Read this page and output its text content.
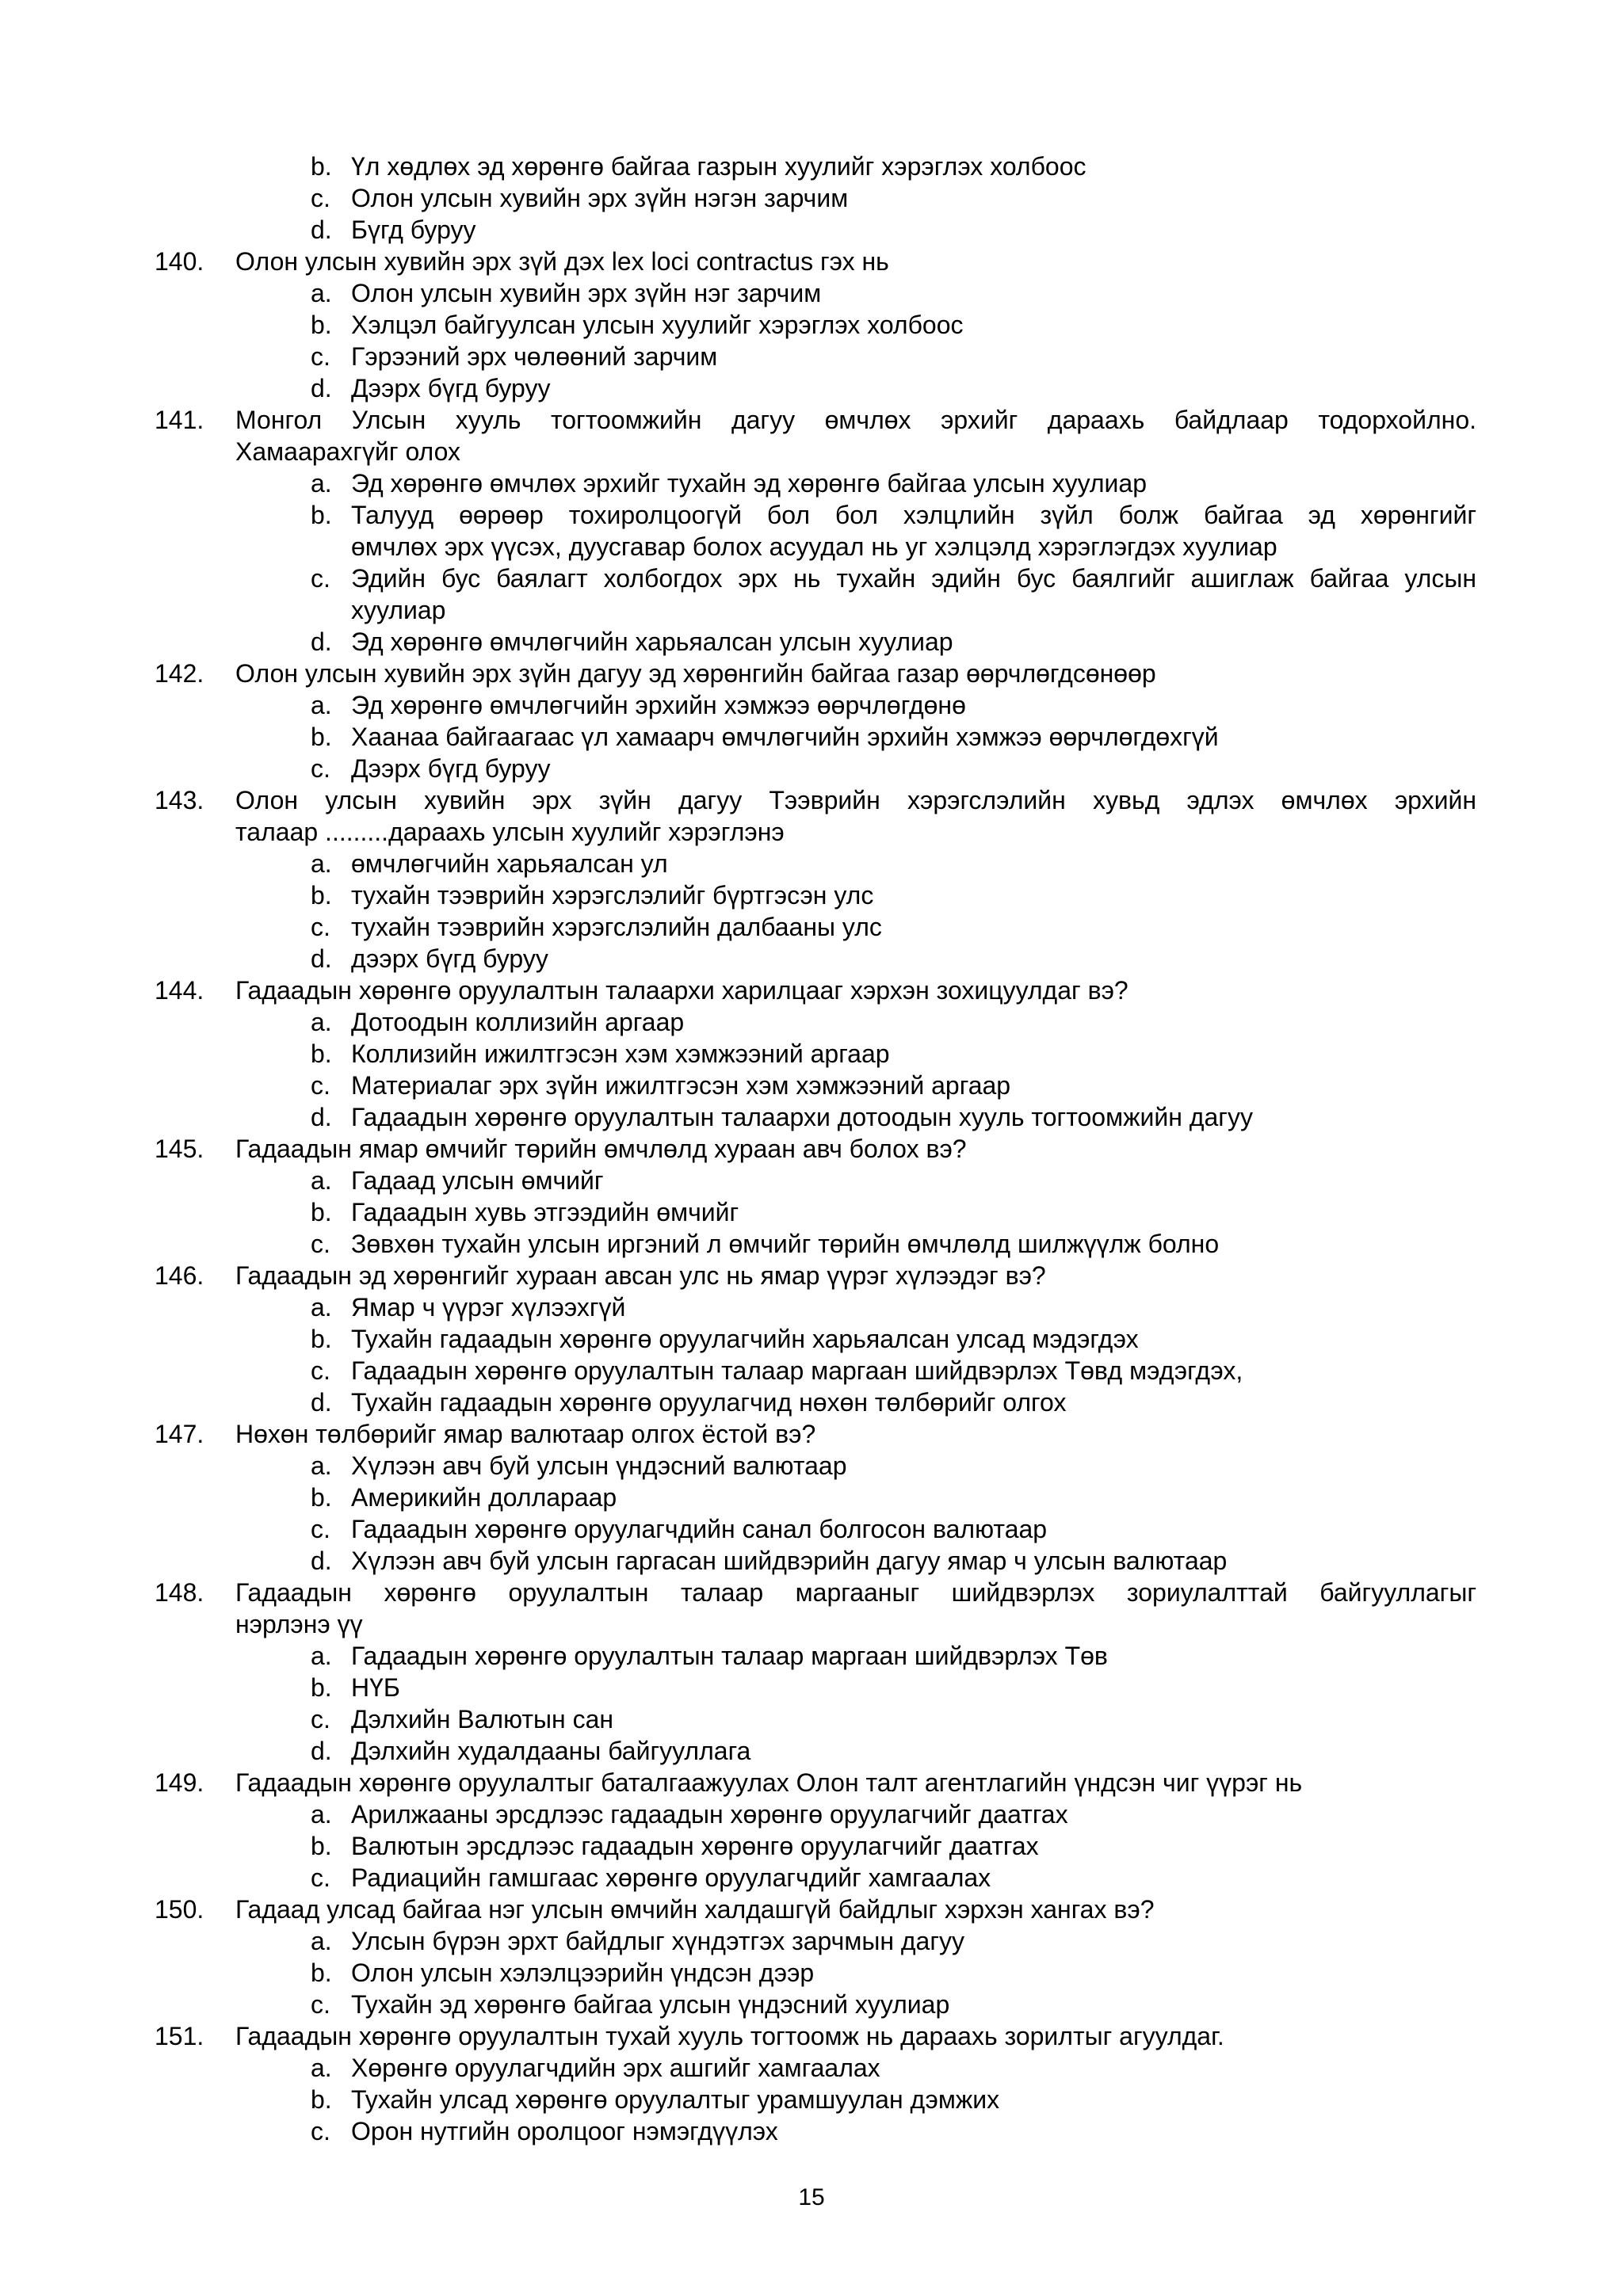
b. Үл хөдлөх эд хөрөнгө байгаа газрын хуулийг хэрэглэх холбоос
c. Олон улсын хувийн эрх зүйн нэгэн зарчим
d. Бүгд буруу
140. Олон улсын хувийн эрх зүй дэх lex loci contractus гэх нь
a. Олон улсын хувийн эрх зүйн нэг зарчим
b. Хэлцэл байгуулсан улсын хуулийг хэрэглэх холбоос
c. Гэрээний эрх чөлөөний зарчим
d. Дээрх бүгд буруу
141. Монгол Улсын хууль тогтоомжийн дагуу өмчлөх эрхийг дараахь байдлаар тодорхойлно.
Хамаарахгүйг олох
a. Эд хөрөнгө өмчлөх эрхийг тухайн эд хөрөнгө байгаа улсын хуулиар
b. Талууд өөрөөр тохиролцоогүй бол бол хэлцлийн зүйл болж байгаа эд хөрөнгийг
өмчлөх эрх үүсэх, дуусгавар болох асуудал нь уг хэлцэлд хэрэглэгдэх хуулиар
c. Эдийн бус баялагт холбогдох эрх нь тухайн эдийн бус баялгийг ашиглаж байгаа улсын
хуулиар
d. Эд хөрөнгө өмчлөгчийн харьяалсан улсын хуулиар
142. Олон улсын хувийн эрх зүйн дагуу эд хөрөнгийн байгаа газар өөрчлөгдсөнөөр
a. Эд хөрөнгө өмчлөгчийн эрхийн хэмжээ өөрчлөгдөнө
b. Хаанаа байгаагаас үл хамаарч өмчлөгчийн эрхийн хэмжээ өөрчлөгдөхгүй
c. Дээрх бүгд буруу
143. Олон улсын хувийн эрх зүйн дагуу Тээврийн хэрэгслэлийн хувьд эдлэх өмчлөх эрхийн
талаар .........дараахь улсын хуулийг хэрэглэнэ
a. өмчлөгчийн харьяалсан ул
b. тухайн тээврийн хэрэгслэлийг бүртгэсэн улс
c. тухайн тээврийн хэрэгслэлийн далбааны улс
d. дээрх бүгд буруу
144. Гадаадын хөрөнгө оруулалтын талаархи харилцааг хэрхэн зохицуулдаг вэ?
a. Дотоодын коллизийн аргаар
b. Коллизийн ижилтгэсэн хэм хэмжээний аргаар
c. Материалаг эрх зүйн ижилтгэсэн хэм хэмжээний аргаар
d. Гадаадын хөрөнгө оруулалтын талаархи дотоодын хууль тогтоомжийн дагуу
145. Гадаадын ямар өмчийг төрийн өмчлөлд хураан авч болох вэ?
a. Гадаад улсын өмчийг
b. Гадаадын хувь этгээдийн өмчийг
c. Зөвхөн тухайн улсын иргэний л өмчийг төрийн өмчлөлд шилжүүлж болно
146. Гадаадын эд хөрөнгийг хураан авсан улс нь ямар үүрэг хүлээдэг вэ?
a. Ямар ч үүрэг хүлээхгүй
b. Тухайн гадаадын хөрөнгө оруулагчийн харьяалсан улсад мэдэгдэх
c. Гадаадын хөрөнгө оруулалтын талаар маргаан шийдвэрлэх Төвд мэдэгдэх,
d. Тухайн гадаадын хөрөнгө оруулагчид нөхөн төлбөрийг олгох
147. Нөхөн төлбөрийг ямар валютаар олгох ёстой вэ?
a. Хүлээн авч буй улсын үндэсний валютаар
b. Америкийн доллараар
c. Гадаадын хөрөнгө оруулагчдийн санал болгосон валютаар
d. Хүлээн авч буй улсын гаргасан шийдвэрийн дагуу ямар ч улсын валютаар
148. Гадаадын хөрөнгө оруулалтын талаар маргааныг шийдвэрлэх зориулалттай байгууллагыг
нэрлэнэ үү
a. Гадаадын хөрөнгө оруулалтын талаар маргаан шийдвэрлэх Төв
b. НҮБ
c. Дэлхийн Валютын сан
d. Дэлхийн худалдааны байгууллага
149. Гадаадын хөрөнгө оруулалтыг баталгаажуулах Олон талт агентлагийн үндсэн чиг үүрэг нь
a. Арилжааны эрсдлээс гадаадын хөрөнгө оруулагчийг даатгах
b. Валютын эрсдлээс гадаадын хөрөнгө оруулагчийг даатгах
c. Радиацийн гамшгаас хөрөнгө оруулагчдийг хамгаалах
150. Гадаад улсад байгаа нэг улсын өмчийн халдашгүй байдлыг хэрхэн хангах вэ?
a. Улсын бүрэн эрхт байдлыг хүндэтгэх зарчмын дагуу
b. Олон улсын хэлэлцээрийн үндсэн дээр
c. Тухайн эд хөрөнгө байгаа улсын үндэсний хуулиар
151. Гадаадын хөрөнгө оруулалтын тухай хууль тогтоомж нь дараахь зорилтыг агуулдаг.
a. Хөрөнгө оруулагчдийн эрх ашгийг хамгаалах
b. Тухайн улсад хөрөнгө оруулалтыг урамшуулан дэмжих
c. Орон нутгийн оролцоог нэмэгдүүлэх
15
